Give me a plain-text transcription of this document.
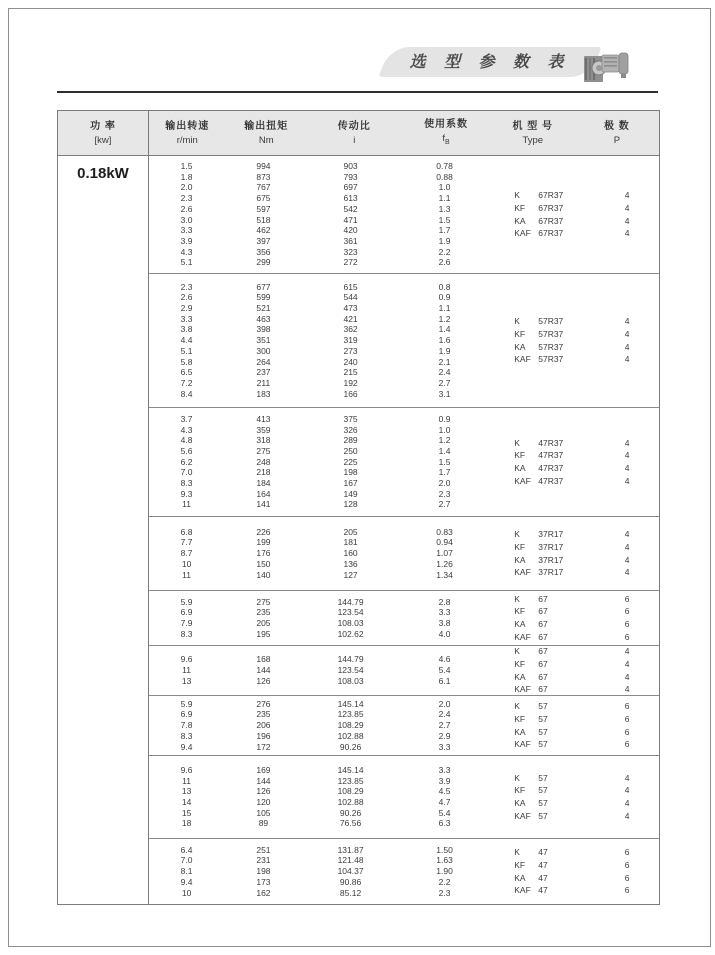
选 型 参 数 表
功 率
[kw]
输出转速
r/min
输出扭矩
Nm
传动比
i
使用系数
$f_B$
机 型 号
Type
极 数
P
0.18kW	1.5	994	903	0.78
1.8	873	793	0.88
2.0	767	697	1.0
2.3	675	613	1.1
2.6	597	542	1.3
3.0	518	471	1.5
3.3	462	420	1.7
3.9	397	361	1.9
4.3	356	323	2.2
5.1	299	272	2.6
K	67R37	4
KF	67R37	4
KA	67R37	4
KAF 67R37	4
2.3	677	615	0.8
2.6	599	544	0.9
2.9	521	473	1.1
3.3	463	421	1.2
3.8	398	362	1.4
4.4	351	319	1.6
5.1	300	273	1.9
5.8	264	240	2.1
6.5	237	215	2.4
7.2	211	192	2.7
8.4	183	166	3.1
K	57R37	4
KF	57R37	4
KA	57R37	4
KAF 57R37	4
3.7	413	375	0.9
4.3	359	326	1.0
4.8	318	289	1.2
5.6	275	250	1.4
6.2	248	225	1.5
7.0	218	198	1.7
8.3	184	167	2.0
9.3	164	149	2.3
11	141	128	2.7
K	47R37	4
KF	47R37	4
KA	47R37	4
KAF 47R37	4
6.8	226	205	0.83
7.7	199	181	0.94
8.7	176	160	1.07
10	150	136	1.26
11	140	127	1.34
K	37R17	4
KF	37R17	4
KA	37R17	4
KAF 37R17	4
5.9	275	144.79	2.8
6.9	235	123.54	3.3
7.9	205	108.03	3.8
8.3	195	102.62	4.0
K	67	6
KF	67	6
KA	67	6
KAF 67	6
9.6	168	144.79	4.6
11	144	123.54	5.4
13	126	108.03	6.1
K	67	4
KF	67	4
KA	67	4
KAF 67	4
5.9	276	145.14	2.0
6.9	235	123.85	2.4
7.8	206	108.29	2.7
8.3	196	102.88	2.9
9.4	172	90.26	3.3
K	57	6
KF	57	6
KA	57	6
KAF 57	6
9.6	169	145.14	3.3
11	144	123.85	3.9
13	126	108.29	4.5
14	120	102.88	4.7
15	105	90.26	5.4
18	89	76.56	6.3
K	57	4
KF	57	4
KA	57	4
KAF 57	4
6.4	251	131.87	1.50
7.0	231	121.48	1.63
8.1	198	104.37	1.90
9.4	173	90.86	2.2
10	162	85.12	2.3
K	47	6
KF	47	6
KA	47	6
KAF 47	6
